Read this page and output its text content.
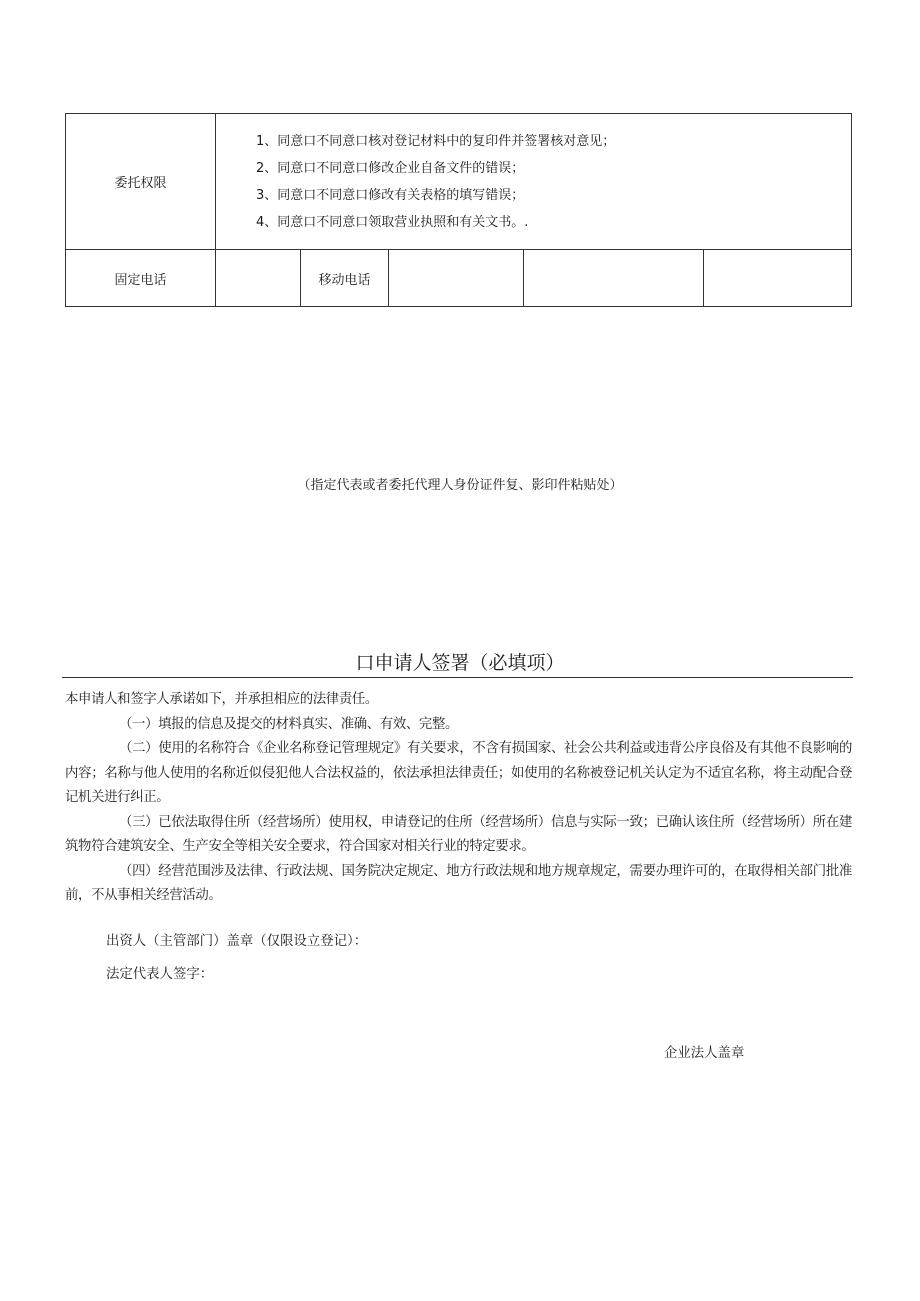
委托权限	1、同意口不同意口核对登记材料中的复印件并签署核对意见；
2、同意口不同意口修改企业自备文件的错误；
3、同意口不同意口修改有关表格的填写错误；
4、同意口不同意口领取营业执照和有关文书。.				

固定电话		移动电话			
（指定代表或者委托代理人身份证件复、影印件粘贴处）
口申请人签署（必填项）

本申请人和签字人承诺如下，并承担相应的法律责任。

（一）填报的信息及提交的材料真实、准确、有效、完整。

（二）使用的名称符合《企业名称登记管理规定》有关要求，不含有损国家、社会公共利益或违背公序良俗及有其他不良影响的内容；名称与他人使用的名称近似侵犯他人合法权益的，依法承担法律责任；如使用的名称被登记机关认定为不适宜名称，将主动配合登记机关进行纠正。

（三）已依法取得住所（经营场所）使用权，申请登记的住所（经营场所）信息与实际一致；已确认该住所（经营场所）所在建筑物符合建筑安全、生产安全等相关安全要求，符合国家对相关行业的特定要求。

（四）经营范围涉及法律、行政法规、国务院决定规定、地方行政法规和地方规章规定，需要办理许可的，在取得相关部门批准前，不从事相关经营活动。

出资人（主管部门）盖章（仅限设立登记）：
法定代表人签字：
企业法人盖章
